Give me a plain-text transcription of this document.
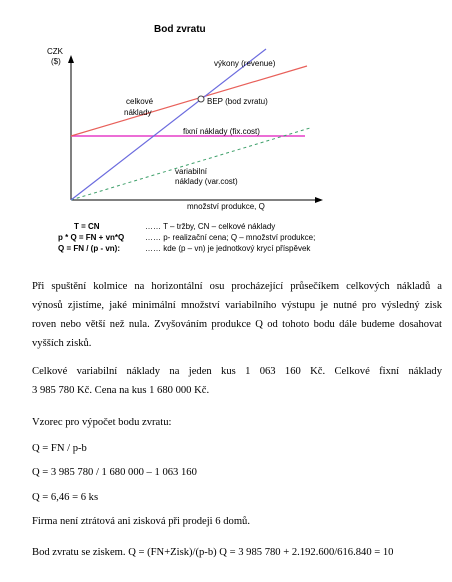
Bod zvratu
CZK
($)	výkony (revenue)
BEP (bod zvratu)
celkové
náklady
fixní náklady (fix.cost)
variabilní
náklady (var.cost)
množství produkce, Q
T = CN	…… T – tržby, CN – celkové náklady
p * Q = FN + vn*Q	…… p- realizační cena; Q – množství produkce;
Q = FN / (p - vn):	…… kde (p – vn) je jednotkový krycí příspěvek
Při spuštění kolmice na horizontální osu procházející průsečíkem celkových nákladů a
výnosů zjistíme, jaké minimální množství variabilního výstupu je nutné pro výsledný zisk
roven nebo větší než nula. Zvyšováním produkce Q od tohoto bodu dále budeme dosahovat
vyšších zisků.
Celkové variabilní náklady na jeden kus 1 063 160 Kč. Celkové fixní náklady
3 985 780 Kč. Cena na kus 1 680 000 Kč.
Vzorec pro výpočet bodu zvratu:
Q = FN / p-b
Q = 3 985 780 / 1 680 000 – 1 063 160
Q = 6,46 = 6 ks
Firma není ztrátová ani zisková při prodeji 6 domů.
Bod zvratu se ziskem. Q = (FN+Zisk)/(p-b) Q = 3 985 780 + 2.192.600/616.840 = 10
